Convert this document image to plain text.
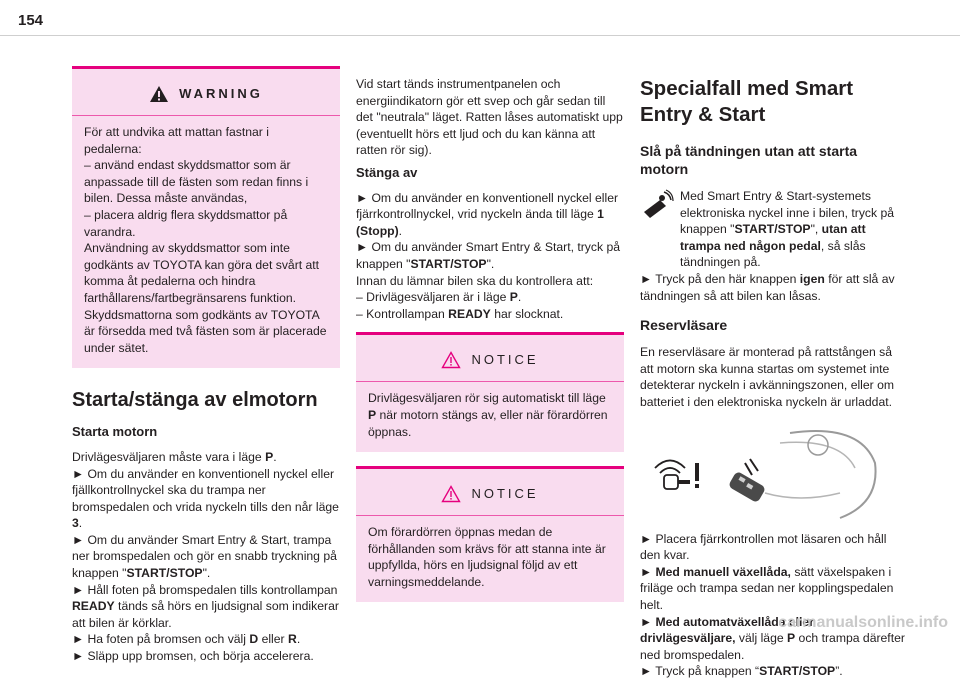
154
WARNING

För att undvika att mattan fastnar i pedalerna:

– använd endast skyddsmattor som är anpassade till de fästen som redan finns i bilen. Dessa måste användas,

– placera aldrig flera skyddsmattor på varandra.

Användning av skyddsmattor som inte godkänts av TOYOTA kan göra det svårt att komma åt pedalerna och hindra farthållarens/fartbegränsarens funktion.

Skyddsmattorna som godkänts av TOYOTA är försedda med två fästen som är placerade under sätet.

Starta/stänga av elmotorn
Starta motorn

Drivlägesväljaren måste vara i läge P.
► Om du använder en konventionell nyckel eller fjällkontrollnyckel ska du trampa ner bromspedalen och vrida nyckeln tills den når läge 3.
► Om du använder Smart Entry & Start, trampa ner bromspedalen och gör en snabb tryckning på knappen "START/STOP".
► Håll foten på bromspedalen tills kontrollampan READY tänds så hörs en ljudsignal som indikerar att bilen är körklar.
► Ha foten på bromsen och välj D eller R.
► Släpp upp bromsen, och börja accelerera.

Vid start tänds instrumentpanelen och energiindikatorn gör ett svep och går sedan till det "neutrala" läget. Ratten låses automatiskt upp (eventuellt hörs ett ljud och du kan känna att ratten rör sig).

Stänga av

► Om du använder en konventionell nyckel eller fjärrkontrollnyckel, vrid nyckeln ända till läge 1 (Stopp).
► Om du använder Smart Entry & Start, tryck på knappen "START/STOP".
Innan du lämnar bilen ska du kontrollera att:
– Drivlägesväljaren är i läge P.
– Kontrollampan READY har slocknat.

NOTICE

Drivlägesväljaren rör sig automatiskt till läge P när motorn stängs av, eller när förardörren öppnas.

NOTICE

Om förardörren öppnas medan de förhållanden som krävs för att stanna inte är uppfyllda, hörs en ljudsignal följd av ett varningsmeddelande.

Specialfall med Smart Entry & Start
Slå på tändningen utan att starta motorn

Med Smart Entry & Start-systemets elektroniska nyckel inne i bilen, tryck på knappen "START/STOP", utan att trampa ned någon pedal, så slås tändningen på.

► Tryck på den här knappen igen för att slå av tändningen så att bilen kan låsas.

Reservläsare

En reservläsare är monterad på rattstången så att motorn ska kunna startas om systemet inte detekterar nyckeln i avkänningszonen, eller om batteriet i den elektroniska nyckeln är urladdat.

► Placera fjärrkontrollen mot läsaren och håll den kvar.
► Med manuell växellåda, sätt växelspaken i friläge och trampa sedan ner kopplingspedalen helt.
► Med automatväxellåda eller drivlägesväljare, välj läge P och trampa därefter ned bromspedalen.
► Tryck på knappen “START/STOP”.

carmanualsonline.info
